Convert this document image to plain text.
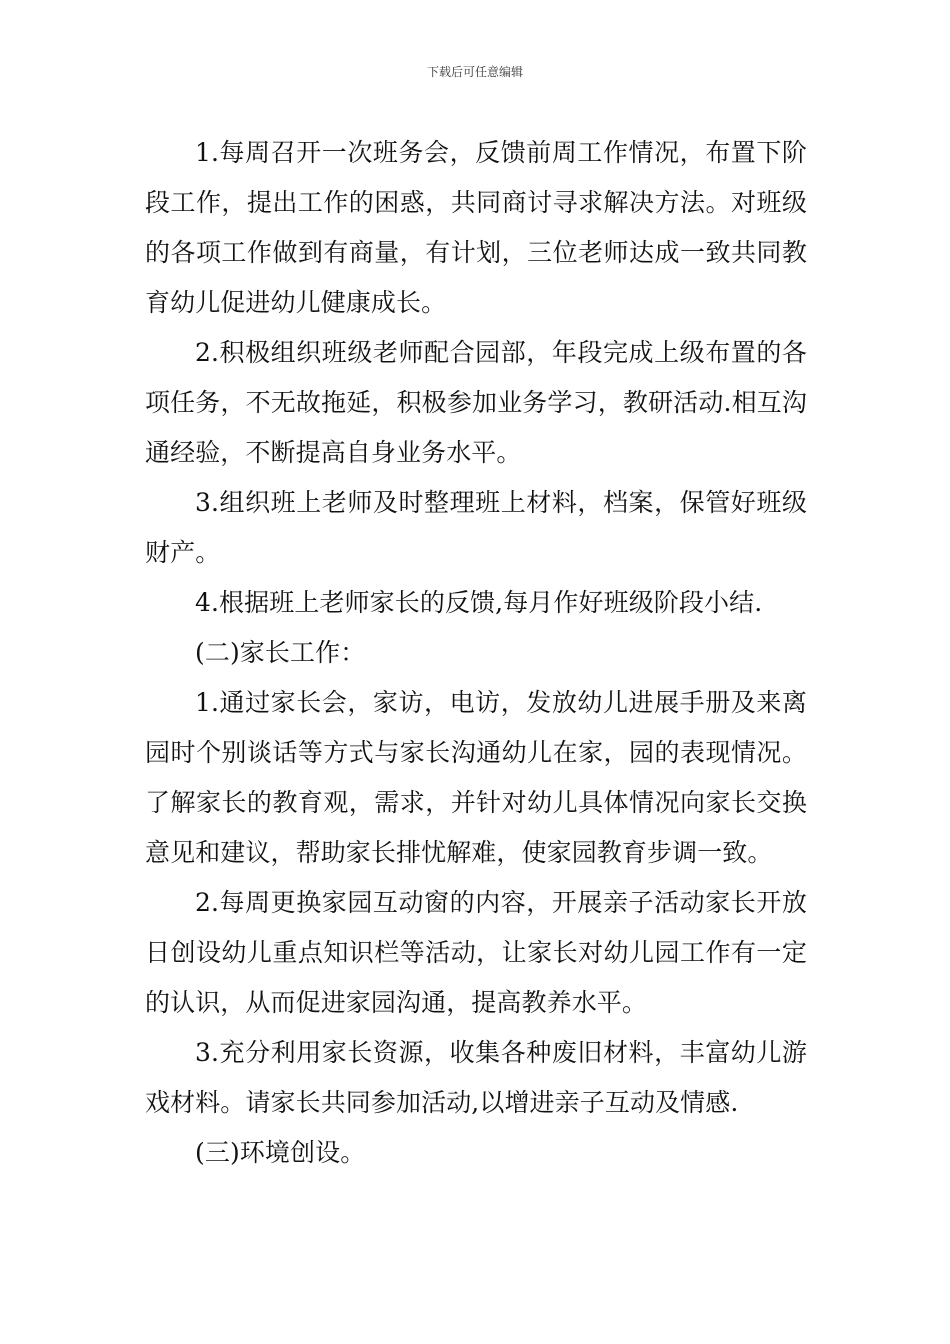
下载后可任意编辑

1.每周召开一次班务会，反馈前周工作情况，布置下阶段工作，提出工作的困惑，共同商讨寻求解决方法。对班级的各项工作做到有商量，有计划，三位老师达成一致共同教育幼儿促进幼儿健康成长。

2.积极组织班级老师配合园部，年段完成上级布置的各项任务，不无故拖延，积极参加业务学习，教研活动.相互沟通经验，不断提高自身业务水平。

3.组织班上老师及时整理班上材料，档案，保管好班级财产。

4.根据班上老师家长的反馈,每月作好班级阶段小结.

(二)家长工作：

1.通过家长会，家访，电访，发放幼儿进展手册及来离园时个别谈话等方式与家长沟通幼儿在家，园的表现情况。了解家长的教育观，需求，并针对幼儿具体情况向家长交换意见和建议，帮助家长排忧解难，使家园教育步调一致。

2.每周更换家园互动窗的内容，开展亲子活动家长开放日创设幼儿重点知识栏等活动，让家长对幼儿园工作有一定的认识，从而促进家园沟通，提高教养水平。

3.充分利用家长资源，收集各种废旧材料，丰富幼儿游戏材料。请家长共同参加活动,以增进亲子互动及情感.

(三)环境创设。
